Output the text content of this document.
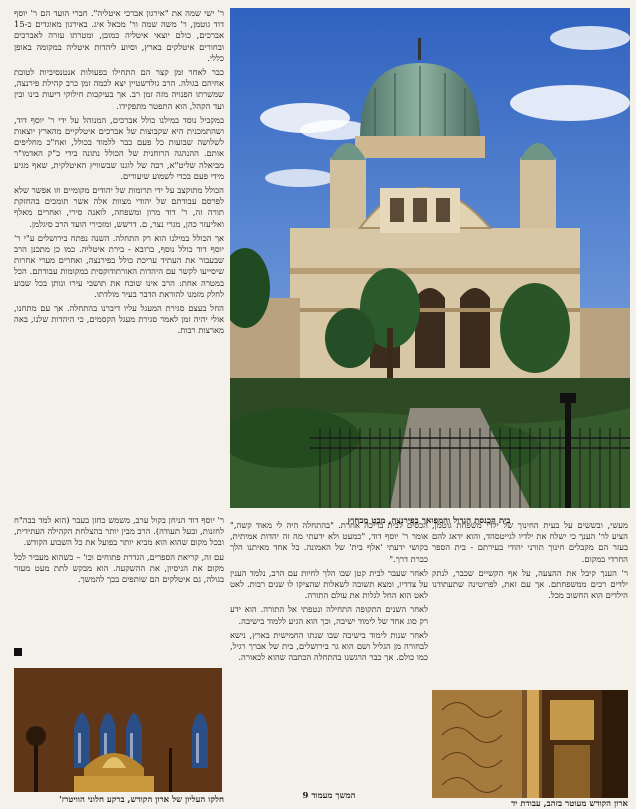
ר' ישי שמה את "אירגון אברכי איטליה". חברי הועד הם ר' יוסף דוד גוטמן, ר' משה שמה ור' מכאל איג. באירגון מאוגדים כ-15 אברכים, כולם יוצאי איטליה כמובן, ומטרתו עזרה לאברכים ובחורים איטלקים בארץ, וסיוע ליהדות איטליה במקומה באופן כללי.

כבר לאחר זמן קצר הם התחילו בפעולות אנטנסיביות לטובת אחיהם בגולה. הרב גולדשטיין יצא לכמה זמן כרב קהילת פירנצה, שמשרתו הפנויה מזה זמן רב. אך בעיקבות חילוקי דיעות בינו ובין ועד הקהל, הוא התפטר מתפקידו.

במקביל נוסד במילנו כולל אברכים, המנוהל על ידי ר' יוסף דוד, ושהתמכנית היא שקבוצות של אברכים איטלקיים מהארץ יוצאות לשלושה שבועות כל פעם כבר ללמוד בכולל, ואח"כ מחליפים אותם. ההנהגה הרוחנית של הכולל נתונה בידי כ"ק האדמו"ר מביאלה שליט"א, רבה של לוגנו שבשוויץ האיטלקית, שאף מגיע מידי פעם בכדי לשמוע שיעורים.

הכולל מתוקצב על ידי תרומות של יהודים מקומיים וזו אפשר שלא לפרסם עבודתם של יהודי מצוות אלה אשר תומכים בהחזקת תורה זה, ר' דוד מרון ומשפחה, לואנה סירי, ואחרים מאלף ואליעזר כהן, מגרי נצר, ם. דרשש, ומזכירי הועד הרב סיגלמן.

אך הכולל במילנו הוא רק התחלה. השנה נפתח בירושלים ע"י ר' יוסף דוד כולל נוסף, ברובא - בירת איטליה. כמו כן מתכנן הרב שבעבור את העתיד עריכת כולל בפירנצה, ואחרים מערי אחרות שיסייעו לקשר עם היהדות האורתודוקסית במקומות עבודתם. הכל במטרה אחת: הרב אינו שוכח את תושבי עירו ונותן בכל שבוע לחלק מזמנו להוראת הדבר בעיר מולדתו.

החל בעצם סגירת המעגל עליו דיברנו בהתחלה. אך עם מתחנו, אולי יהיה זמן לאמר סגירת מעגל הקסמים, כי היהדות שלנו, באה מארצות רבות.

בית הכנסת הגדול והמפואר בפירנצה, מבט מבחוץ

ר' יוסף דוד הניחן בקול ערב, משמש כחזן בעבר (הוא למד בבה"ח לחזנות, ובעל תעודה). הרב מבין יותר בהצלחת הקהילה העתידית, ובכל מקום שהוא הוא מביא יותר בפועל את כל השבוע הקודש.

עם זה, קריאת הספרים, הגדרת פתוחים וכו' – כשהוא מעביר לכל מקום את הניסיון, את ההשקעה. הוא מבקש לתת מעט מעזר בגולה, גם איטלקים הם שותפים בכך להמשך.

הכסים לבית בריכה אחרת. "בהתחלה היה לי מאוד קשה," אומר ר' יוסף דוד, "כמעט ולא ידעתי מה זה יהדות אמיתית, בקושי ידעתי 'אלף בית' של האמונה. כל אחד מאיתנו הלך כברת דרך."

לאחר שעבר לבית קטן שבו הלך לחיות עם הרב, נלמד הענין על צדדיו, ומצא תשובה לשאלות שהציקו לו שנים רבות. לאט לאט הוא החל לגלות את עולם התורה.

לאחר השנים התקופה התחילה ונטפתי אל התורה. הוא ידע רק סוג אחד של לימוד ישיבה, וכך הוא הגיע ללמוד בישיבה.

לאחר שנות לימוד בישיבה שבו שנתו החמישית בארץ, נישא לבחורה מן הגליל ושם הוא גר בירושלים, בית של אברך רגיל, כמו כולם. אך כבר הרגשנו בהתחלה הכתבה שהוא לכאורה.

המשך מעמוד 9

מעשי, ובששים על בעית החינוך של ילדי משפחת גוטמן, הציע לר' הענך כי ישלח את ילדיו לגייטסהד, והוא ידאג להם בעזר הם מקבלים חינוך תורני יהודי בעירתם - בית הספר החרדי במקום.

ר' הענך קיבל את ההצעה, על אף הקשיים שכבר, לנתק ילדים רכים ממשפחתם. אך עם זאת, לפרוטינה שתעתודנו הילדים הוא החשוב מכל.

חלקו העליון של ארון הקודש, ברקע חלוני הוויטרז'	ארון הקודש מעוטר בזהב, עבודת יד
